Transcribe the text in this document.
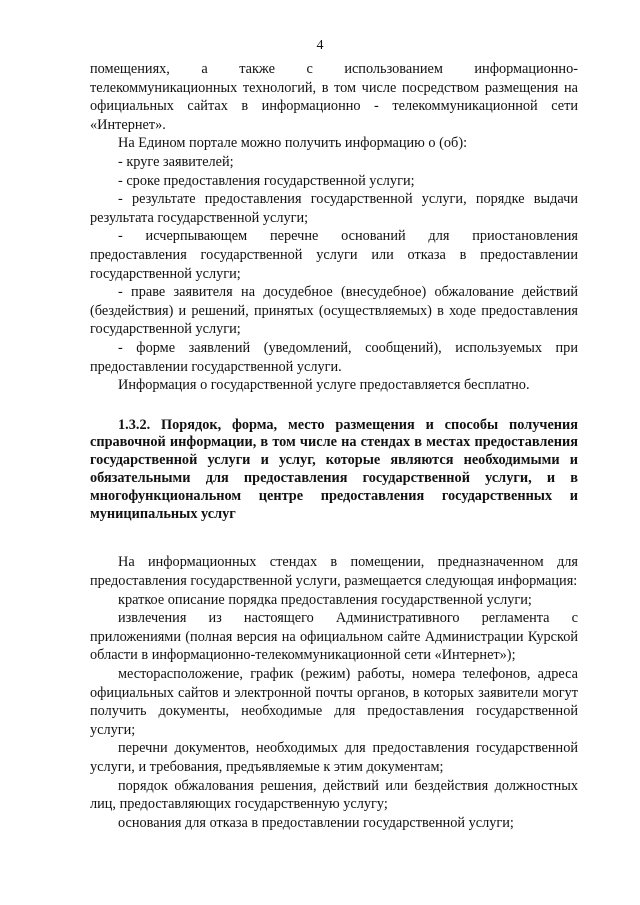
4

помещениях, а также с использованием информационно-телекоммуникационных технологий, в том числе посредством размещения на официальных сайтах в информационно - телекоммуникационной сети «Интернет».

На Едином портале можно получить информацию о (об):

- круге заявителей;

- сроке предоставления государственной услуги;

- результате предоставления государственной услуги, порядке выдачи результата государственной услуги;

- исчерпывающем перечне оснований для приостановления предоставления государственной услуги или отказа в предоставлении государственной услуги;

- праве заявителя на досудебное (внесудебное) обжалование действий (бездействия) и решений, принятых (осуществляемых) в ходе предоставления государственной услуги;

- форме заявлений (уведомлений, сообщений), используемых при предоставлении государственной услуги.

Информация о государственной услуге предоставляется бесплатно.

1.3.2. Порядок, форма, место размещения и способы получения справочной информации, в том числе на стендах в местах предоставления государственной услуги и услуг, которые являются необходимыми и обязательными для предоставления государственной услуги, и в многофункциональном центре предоставления государственных и муниципальных услуг

На информационных стендах в помещении, предназначенном для предоставления государственной услуги, размещается следующая информация:

краткое описание порядка предоставления государственной услуги;

извлечения из настоящего Административного регламента с приложениями (полная версия на официальном сайте Администрации Курской области в информационно-телекоммуникационной сети «Интернет»);

месторасположение, график (режим) работы, номера телефонов, адреса официальных сайтов и электронной почты органов, в которых заявители могут получить документы, необходимые для предоставления государственной услуги;

перечни документов, необходимых для предоставления государственной услуги, и требования, предъявляемые к этим документам;

порядок обжалования решения, действий или бездействия должностных лиц, предоставляющих государственную услугу;

основания для отказа в предоставлении государственной услуги;
